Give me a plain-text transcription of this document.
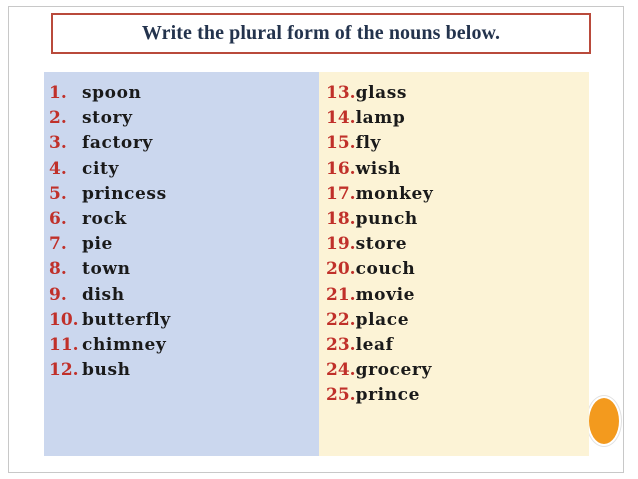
Write the plural form of the nouns below.
1. spoon
2. story
3. factory
4. city
5. princess
6. rock
7. pie
8. town
9. dish
10. butterfly
11. chimney
12. bush
13.glass
14.lamp
15.fly
16.wish
17.monkey
18.punch
19.store
20.couch
21.movie
22.place
23.leaf
24.grocery
25.prince
